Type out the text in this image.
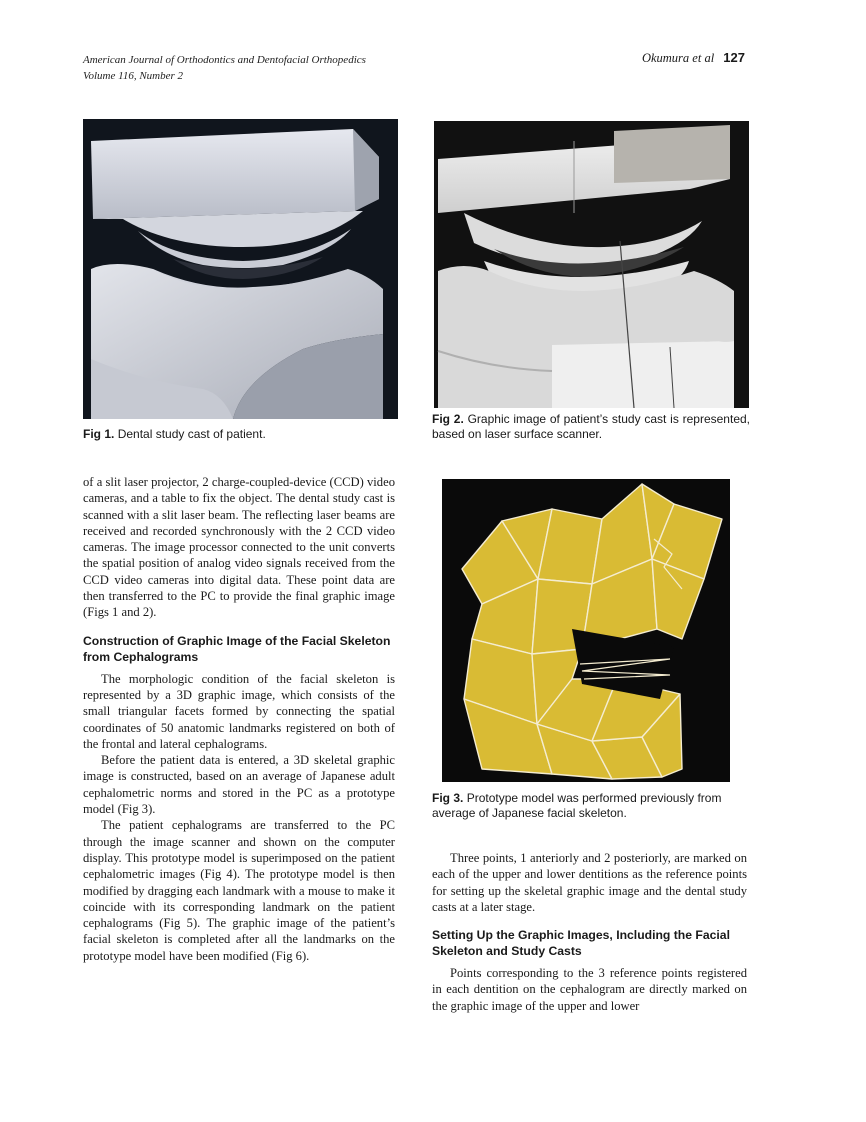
American Journal of Orthodontics and Dentofacial Orthopedics
Volume 116, Number 2
Okumura et al 127
Fig 1. Dental study cast of patient.
Fig 2. Graphic image of patient’s study cast is represented, based on laser surface scanner.
Fig 3. Prototype model was performed previously from average of Japanese facial skeleton.

of a slit laser projector, 2 charge-coupled-device (CCD) video cameras, and a table to fix the object. The dental study cast is scanned with a slit laser beam. The reflecting laser beams are received and recorded synchronously with the 2 CCD video cameras. The image processor connected to the unit converts the spatial position of analog video signals received from the CCD video cameras into digital data. These point data are then transferred to the PC to provide the final graphic image (Figs 1 and 2).

Construction of Graphic Image of the Facial Skeleton from Cephalograms

The morphologic condition of the facial skeleton is represented by a 3D graphic image, which consists of the small triangular facets formed by connecting the spatial coordinates of 50 anatomic landmarks registered on both of the frontal and lateral cephalograms.

Before the patient data is entered, a 3D skeletal graphic image is constructed, based on an average of Japanese adult cephalometric norms and stored in the PC as a prototype model (Fig 3).

The patient cephalograms are transferred to the PC through the image scanner and shown on the computer display. This prototype model is superimposed on the patient cephalometric images (Fig 4). The prototype model is then modified by dragging each landmark with a mouse to make it coincide with its corresponding landmark on the patient cephalograms (Fig 5). The graphic image of the patient’s facial skeleton is completed after all the landmarks on the prototype model have been modified (Fig 6).

Three points, 1 anteriorly and 2 posteriorly, are marked on each of the upper and lower dentitions as the reference points for setting up the skeletal graphic image and the dental study casts at a later stage.

Setting Up the Graphic Images, Including the Facial Skeleton and Study Casts

Points corresponding to the 3 reference points registered in each dentition on the cephalogram are directly marked on the graphic image of the upper and lower
